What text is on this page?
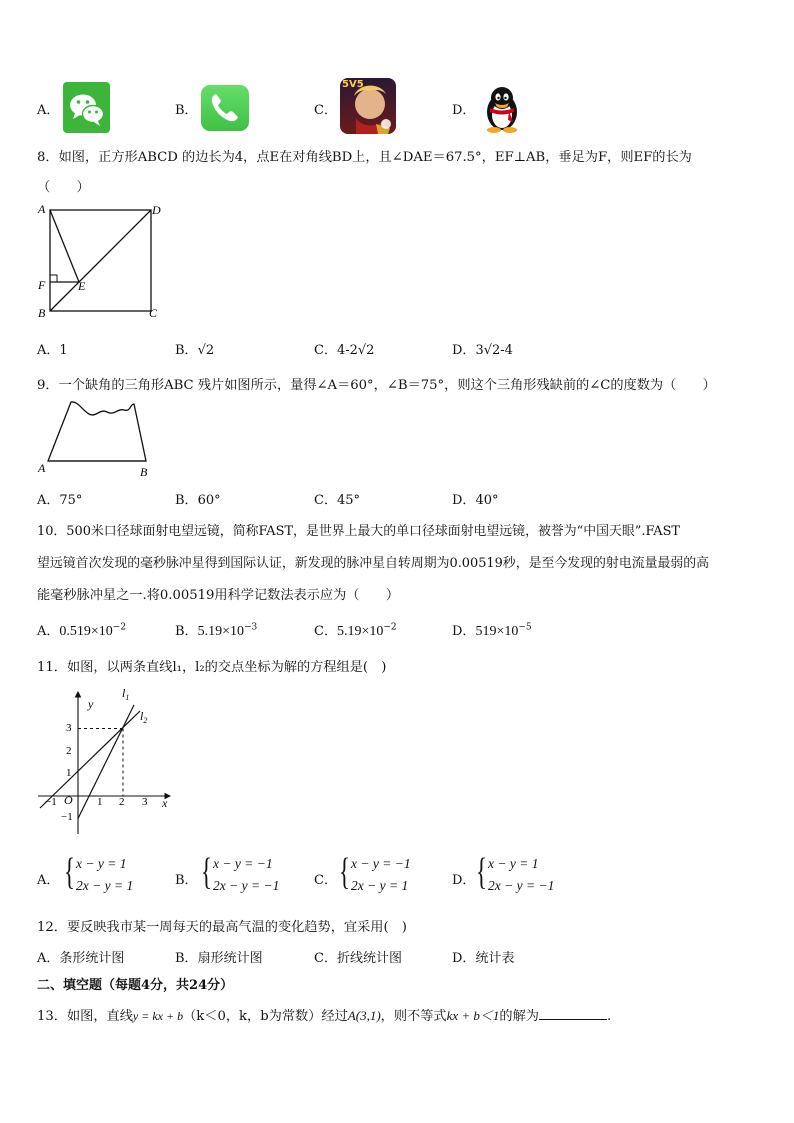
A．	B．	C．
5V5
D．
8．如图，正方形ABCD 的边长为4，点E在对角线BD上，且∠DAE＝67.5°，EF⊥AB，垂足为F，则EF的长为
（　　）
A	D
F	E
B	C
A．1	B．√2	C．4-2√2	D．3√2-4
9．一个缺角的三角形ABC 残片如图所示，量得∠A＝60°，∠B＝75°，则这个三角形残缺前的∠C的度数为（　　）
A	B
A．75°	B．60°	C．45°	D．40°
10．500米口径球面射电望远镜，简称FAST，是世界上最大的单口径球面射电望远镜，被誉为“中国天眼”.FAST
望远镜首次发现的毫秒脉冲星得到国际认证，新发现的脉冲星自转周期为0.00519秒，是至今发现的射电流量最弱的高
能毫秒脉冲星之一.将0.00519用科学记数法表示应为（　　）
A．$0.519\times 10^{-2}$	B．$5.19\times 10^{-3}$	C．$5.19\times 10^{-2}$	D．$519\times 10^{-5}$
11．如图，以两条直线l₁，l₂的交点坐标为解的方程组是(　)
y
x
O
$l_1$
$l_2$
3
2
1
−1
−1	1 2 3
A． { x − y = 1
2x − y = 1	B． { x − y = −1
2x − y = −1	C． { x − y = −1
2x − y = 1	D． { x − y = 1
2x − y = −1
12．要反映我市某一周每天的最高气温的变化趋势，宜采用(　)
A．条形统计图	B．扇形统计图	C．折线统计图	D．统计表
二、填空题（每题4分，共24分）
13．如图，直线y = kx + b（k＜0，k，b为常数）经过A(3,1)，则不等式kx + b＜1的解为	.
